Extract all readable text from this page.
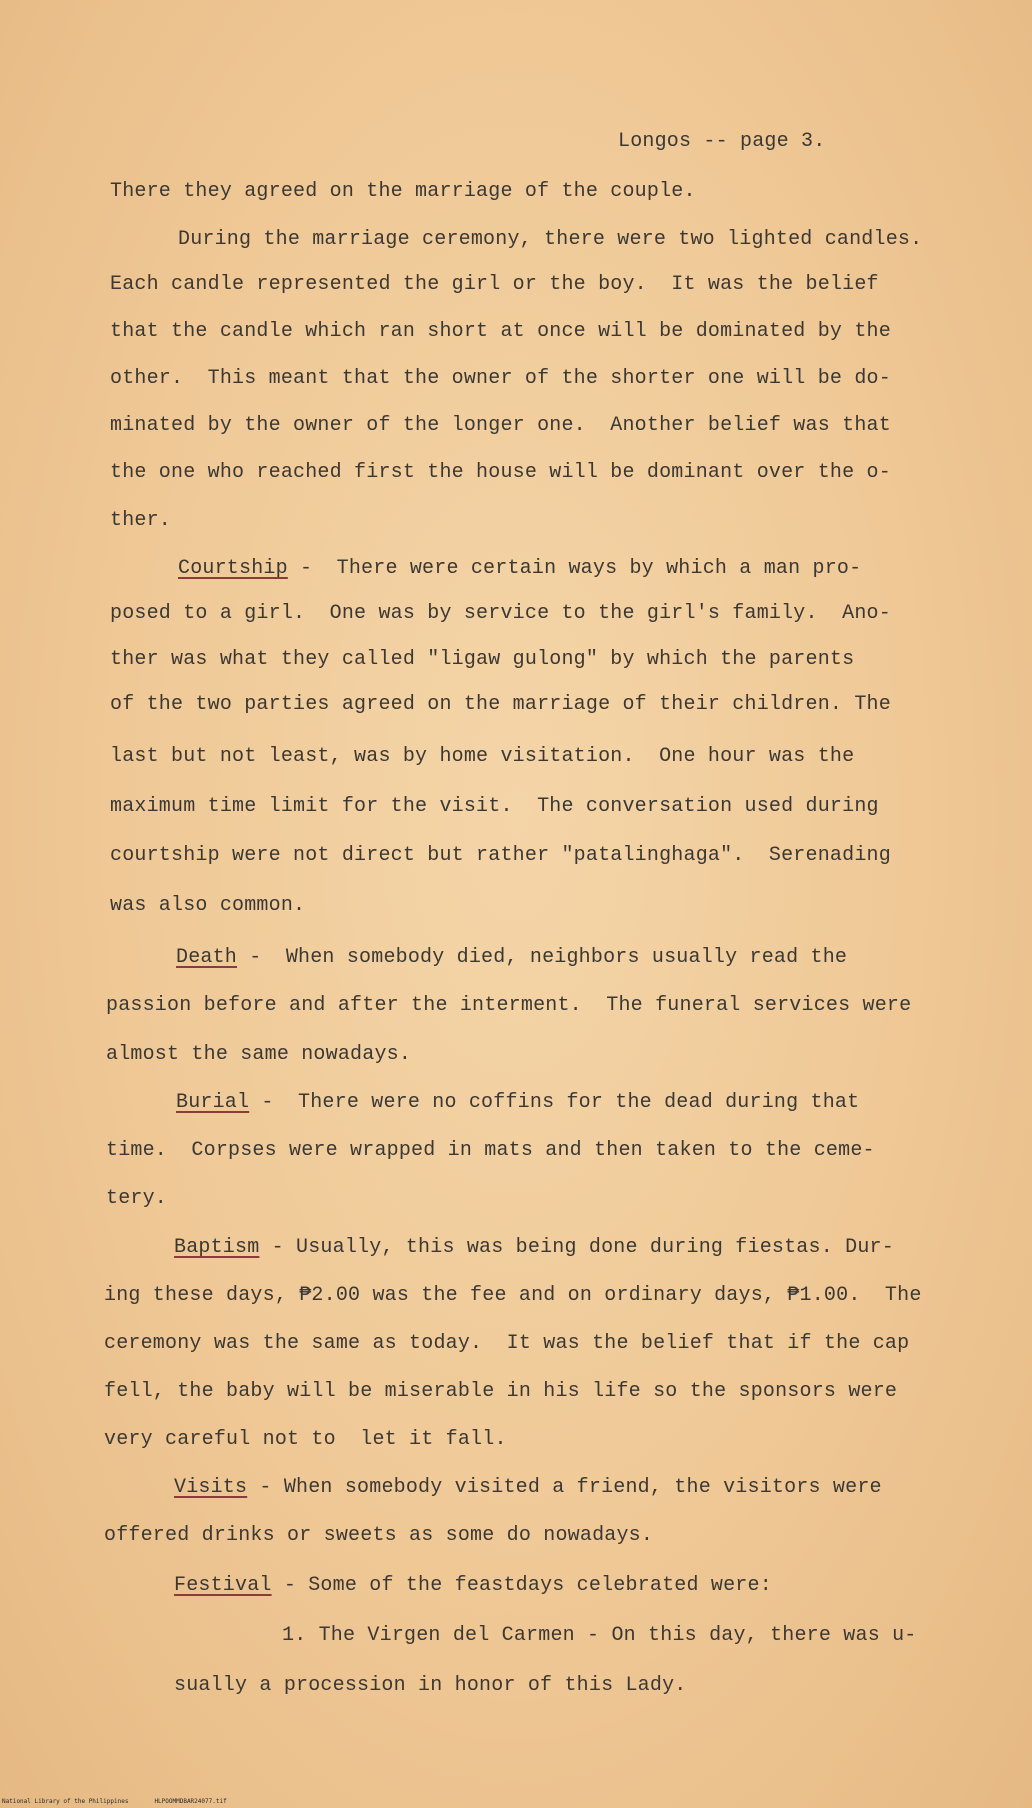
Longos -- page 3.
There they agreed on the marriage of the couple.
During the marriage ceremony, there were two lighted candles.
Each candle represented the girl or the boy.  It was the belief
that the candle which ran short at once will be dominated by the
other.  This meant that the owner of the shorter one will be do-
minated by the owner of the longer one.  Another belief was that
the one who reached first the house will be dominant over the o-
ther.
Courtship -  There were certain ways by which a man pro-
posed to a girl.  One was by service to the girl's family.  Ano-
ther was what they called "ligaw gulong" by which the parents
of the two parties agreed on the marriage of their children. The
last but not least, was by home visitation.  One hour was the
maximum time limit for the visit.  The conversation used during
courtship were not direct but rather "patalinghaga".  Serenading
was also common.
Death -  When somebody died, neighbors usually read the
passion before and after the interment.  The funeral services were
almost the same nowadays.
Burial -  There were no coffins for the dead during that
time.  Corpses were wrapped in mats and then taken to the ceme-
tery.
Baptism - Usually, this was being done during fiestas. Dur-
ing these days, ₱2.00 was the fee and on ordinary days, ₱1.00.  The
ceremony was the same as today.  It was the belief that if the cap
fell, the baby will be miserable in his life so the sponsors were
very careful not to  let it fall.
Visits - When somebody visited a friend, the visitors were
offered drinks or sweets as some do nowadays.
Festival - Some of the feastdays celebrated were:
1. The Virgen del Carmen - On this day, there was u-
sually a procession in honor of this Lady.
National Library of the Philippines	HLPOOMMDBAR24077.tif
